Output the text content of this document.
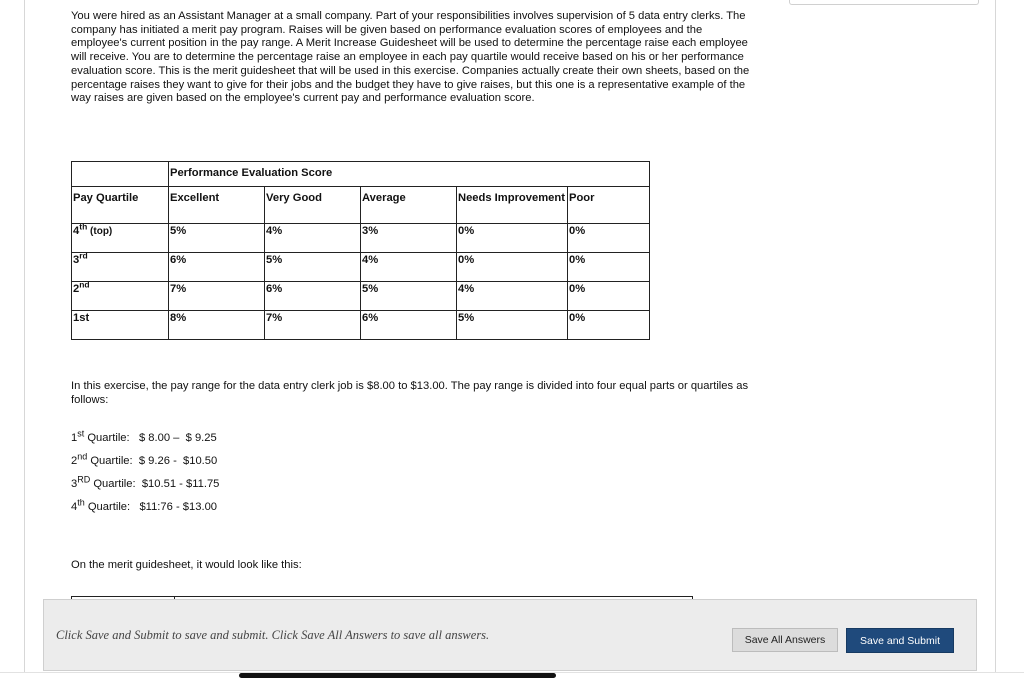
You were hired as an Assistant Manager at a small company. Part of your responsibilities involves supervision of 5 data entry clerks. The company has initiated a merit pay program. Raises will be given based on performance evaluation scores of employees and the employee's current position in the pay range. A Merit Increase Guidesheet will be used to determine the percentage raise each employee will receive. You are to determine the percentage raise an employee in each pay quartile would receive based on his or her performance evaluation score. This is the merit guidesheet that will be used in this exercise. Companies actually create their own sheets, based on the percentage raises they want to give for their jobs and the budget they have to give raises, but this one is a representative example of the way raises are given based on the employee's current pay and performance evaluation score.

	Performance Evaluation Score				
Pay Quartile	Excellent	Very Good	Average	Needs Improvement	Poor
4th (top)	5%	4%	3%	0%	0%
3rd	6%	5%	4%	0%	0%
2nd	7%	6%	5%	4%	0%
1st	8%	7%	6%	5%	0%

In this exercise, the pay range for the data entry clerk job is $8.00 to $13.00. The pay range is divided into four equal parts or quartiles as follows:

1st Quartile:   $ 8.00 –  $ 9.25
2nd Quartile:  $ 9.26 -  $10.50
3RD Quartile:  $10.51 - $11.75
4th Quartile:   $11:76 - $13.00

On the merit guidesheet, it would look like this:

Click Save and Submit to save and submit. Click Save All Answers to save all answers.	Save All Answers	Save and Submit
